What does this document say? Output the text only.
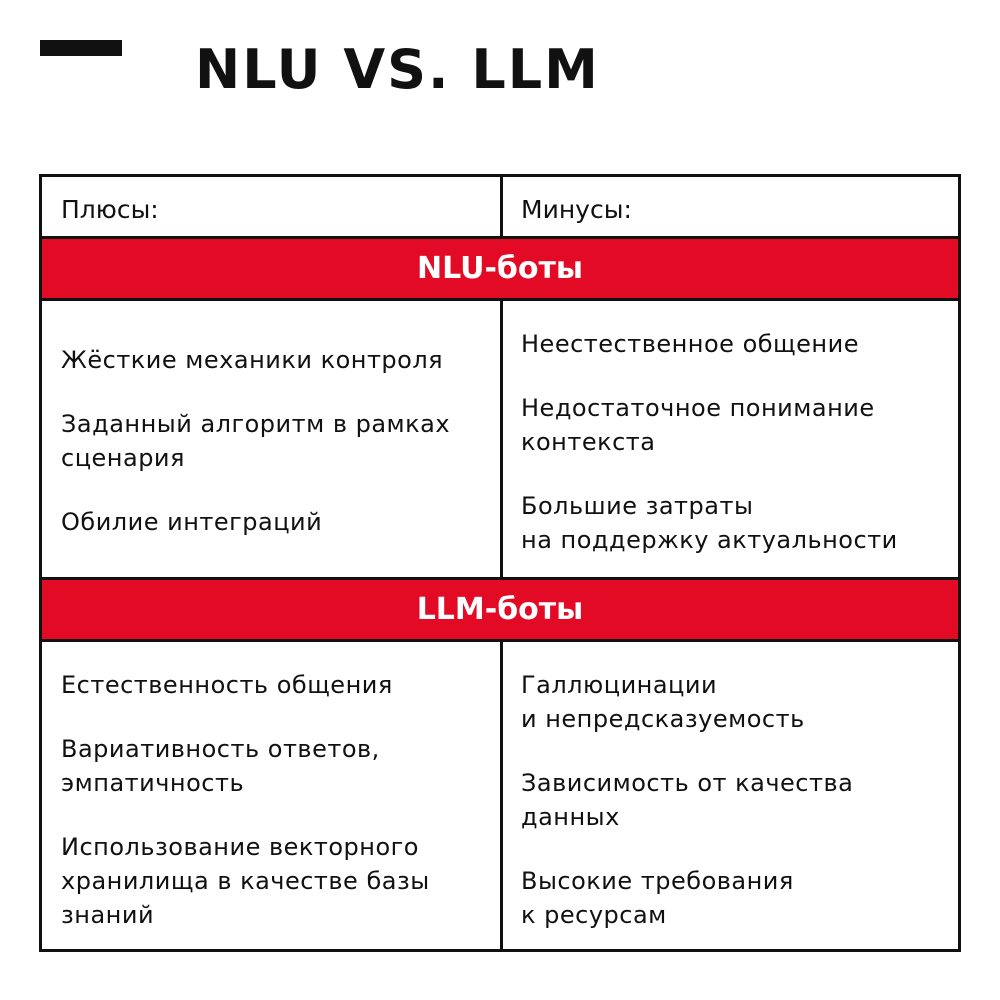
NLU VS. LLM
Плюсы:	Минусы:
NLU-боты
Жёсткие механики контроля
Заданный алгоритм в рамках
сценария
Обилие интеграций
Неестественное общение
Недостаточное понимание
контекста
Большие затраты
на поддержку актуальности
LLM-боты
Естественность общения
Вариативность ответов,
эмпатичность
Использование векторного
хранилища в качестве базы
знаний
Галлюцинации
и непредсказуемость
Зависимость от качества
данных
Высокие требования
к ресурсам
